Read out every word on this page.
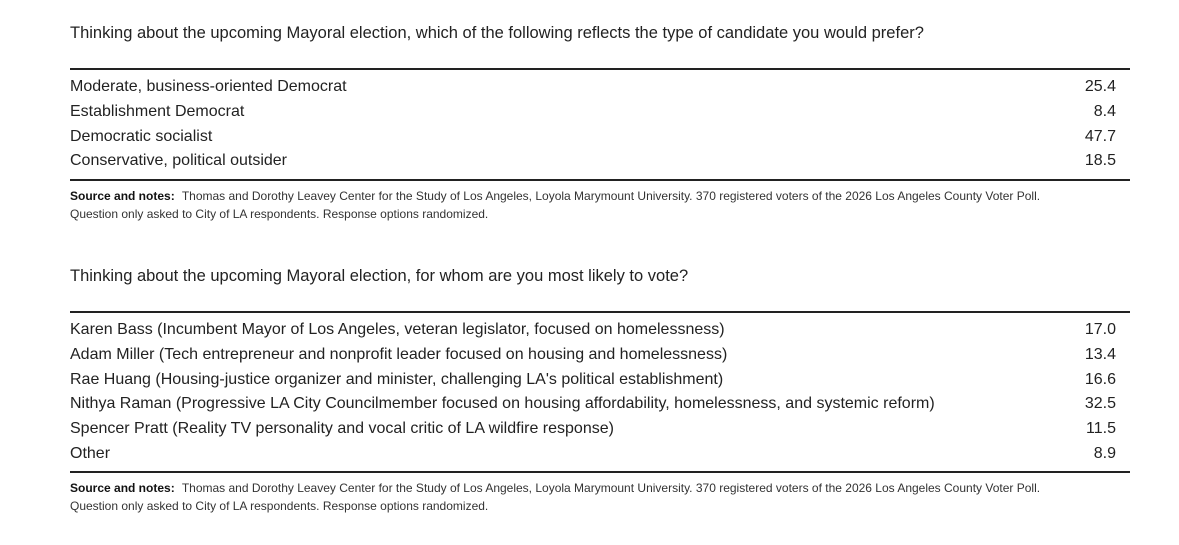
Thinking about the upcoming Mayoral election, which of the following reflects the type of candidate you would prefer?

Moderate, business-oriented Democrat	25.4
Establishment Democrat	8.4
Democratic socialist	47.7
Conservative, political outsider	18.5
Source and notes: Thomas and Dorothy Leavey Center for the Study of Los Angeles, Loyola Marymount University. 370 registered voters of the 2026 Los Angeles County Voter Poll.
Question only asked to City of LA respondents. Response options randomized.

Thinking about the upcoming Mayoral election, for whom are you most likely to vote?

Karen Bass (Incumbent Mayor of Los Angeles, veteran legislator, focused on homelessness)	17.0
Adam Miller (Tech entrepreneur and nonprofit leader focused on housing and homelessness)	13.4
Rae Huang (Housing-justice organizer and minister, challenging LA's political establishment)	16.6
Nithya Raman (Progressive LA City Councilmember focused on housing affordability, homelessness, and systemic reform)	32.5
Spencer Pratt (Reality TV personality and vocal critic of LA wildfire response)	11.5
Other	8.9
Source and notes: Thomas and Dorothy Leavey Center for the Study of Los Angeles, Loyola Marymount University. 370 registered voters of the 2026 Los Angeles County Voter Poll.
Question only asked to City of LA respondents. Response options randomized.
